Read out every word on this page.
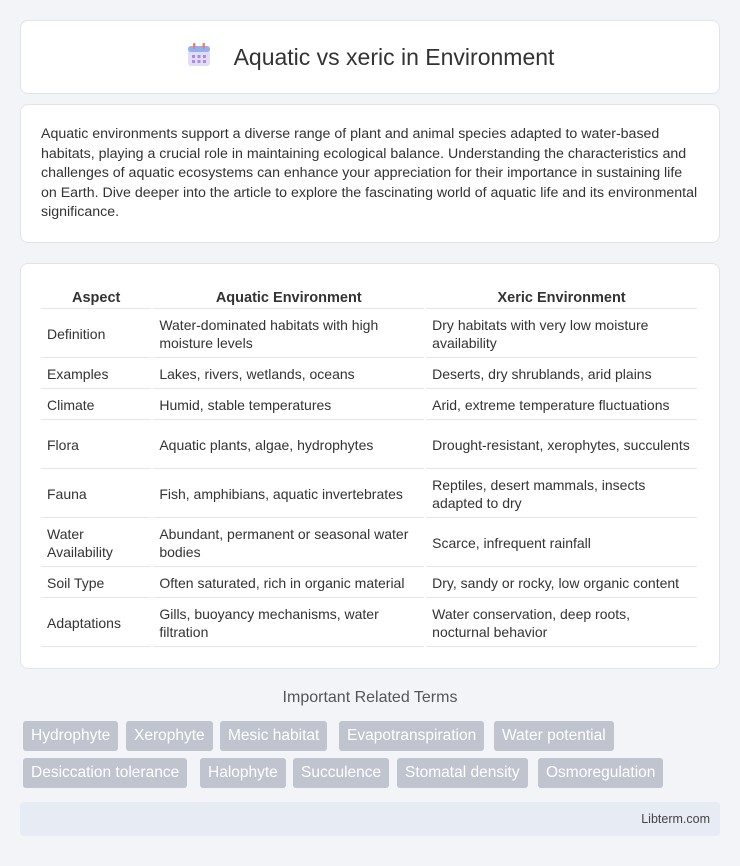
Aquatic vs xeric in Environment

Aquatic environments support a diverse range of plant and animal species adapted to water-based habitats, playing a crucial role in maintaining ecological balance. Understanding the characteristics and challenges of aquatic ecosystems can enhance your appreciation for their importance in sustaining life on Earth. Dive deeper into the article to explore the fascinating world of aquatic life and its environmental significance.

Aspect	Aquatic Environment	Xeric Environment
Definition	Water-dominated habitats with high moisture levels	Dry habitats with very low moisture availability
Examples	Lakes, rivers, wetlands, oceans	Deserts, dry shrublands, arid plains
Climate	Humid, stable temperatures	Arid, extreme temperature fluctuations
Flora	Aquatic plants, algae, hydrophytes	Drought-resistant, xerophytes, succulents
Fauna	Fish, amphibians, aquatic invertebrates	Reptiles, desert mammals, insects adapted to dry
Water Availability	Abundant, permanent or seasonal water bodies	Scarce, infrequent rainfall
Soil Type	Often saturated, rich in organic material	Dry, sandy or rocky, low organic content
Adaptations	Gills, buoyancy mechanisms, water filtration	Water conservation, deep roots, nocturnal behavior
Important Related Terms
Hydrophyte	Xerophyte	Mesic habitat	Evapotranspiration	Water potential
Desiccation tolerance	Halophyte	Succulence	Stomatal density	Osmoregulation
Libterm.com
